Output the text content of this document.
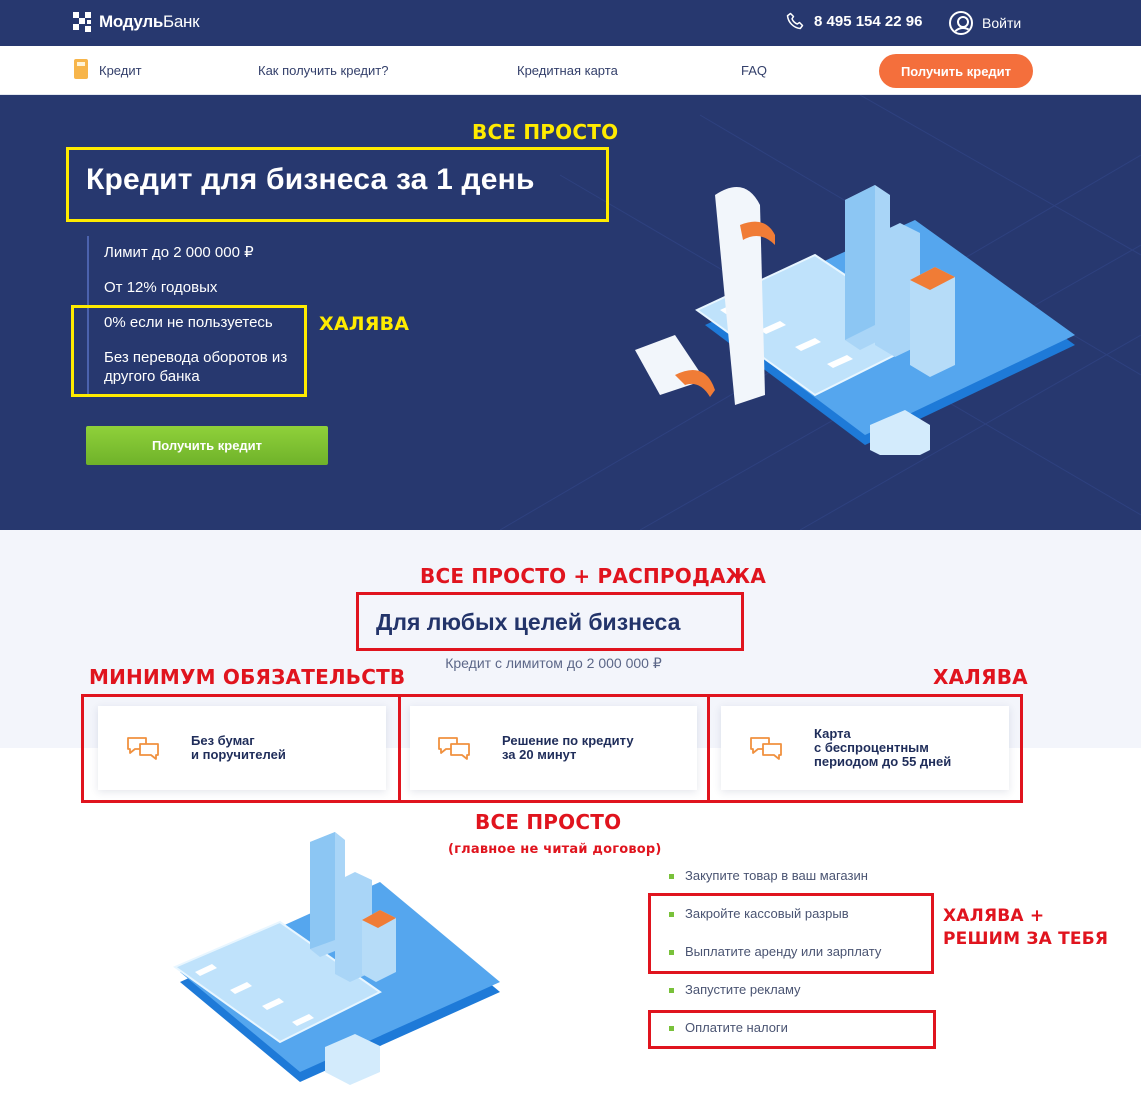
МодульБанк	8 495 154 22 96	Войти
Кредит	Как получить кредит?	Кредитная карта	FAQ	Получить кредит
ВСЕ ПРОСТО
Кредит для бизнеса за 1 день
Лимит до 2 000 000 ₽
От 12% годовых
0% если не пользуетесь
Без перевода оборотов из другого банка
ХАЛЯВА
Получить кредит
ВСЕ ПРОСТО + РАСПРОДАЖА
Для любых целей бизнеса
Кредит с лимитом до 2 000 000 ₽
МИНИМУМ ОБЯЗАТЕЛЬСТВ	ХАЛЯВА
Без бумаг
и поручителей
Решение по кредиту
за 20 минут
Карта
с беспроцентным
периодом до 55 дней
ВСЕ ПРОСТО
(главное не читай договор)
Закупите товар в ваш магазин
Закройте кассовый разрыв
Выплатите аренду или зарплату
Запустите рекламу
Оплатите налоги
ХАЛЯВА +
РЕШИМ ЗА ТЕБЯ
